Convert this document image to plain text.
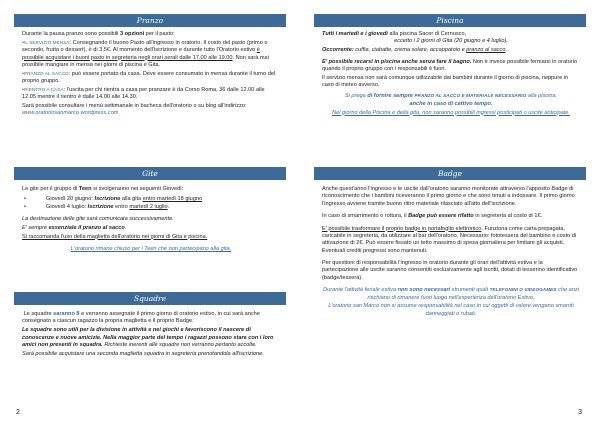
Pranzo

Durante la pausa pranzo sono possibili 3 opzioni per il pasto:

•IL SERVIZIO MENSA: Consegnando il buono Pasto all'ingresso in oratorio. Il costo del pasto (primo o secondo, frutta o dessert), è di 3,5€. Al momento dell'iscrizione e durante tutto l'Oratorio estivo è possibile acquistare i buoni pasto in segreteria negli orari serali dalle 17.00 alle 19.00. Non sarà mai possibile mangiare in mensa nei giorni di piscina e Gita.

•PRANZO AL SACCO: può essere portato da casa. Deve essere consumato in mensa durante il turno del proprio gruppo.

•RIENTRO A CASA: l'uscita per chi rientra a casa per pranzare è da Corso Roma, 36 dalle 12.00 alle 12.05 mentre il rientro è dalle 14.00 alle 14.30.

Sarà possibile consultare i menù settimanale in bacheca dell'oratorio o su blog all'indirizzo: www.oratoriosanmarco.wordpress.com

Gite

Le gite per il gruppo di Teen si svolgeranno nei seguenti Giovedì:

• Giovedì 20 giugno: Iscrizione alla gita entro martedì 18 giugno
• Giovedì 4 luglio: Iscrizione entro martedì 2 luglio.

La destinazione delle gite sarà comunicata successivamente.

E' sempre essenziale il pranzo al sacco.

Si raccomanda l'uso della maglietta dell'oratorio nei giorni di Gita e piscina.

L'oratorio rimane chiuso per i Teen che non partecipano alla gita.

Squadre

Le squadre saranno 8 e verranno assegnate il primo giorno di oratorio estivo, in cui sarà anche consegnato a ciascun ragazzo la propria maglietta e il proprio Badge.

Le squadre sono utili per la divisione in attività e nei giochi e favoriscono il nascere di conoscenze e nuove amicizie. Nella maggior parte del tempo i ragazzi possono stare con i loro amici non presenti in squadra. Richieste inerenti alle squadre non verranno pertanto accolte.

Sarà possibile acquistare una seconda maglietta squadra in segreteria prenotandola all'iscrizione.

2
Piscina

Tutti i martedì e i giovedì alla piscina Sacer di Cernusco,

eccetto i 2 giorni di Gita (20 giugno e 4 luglio).

Occorrente: cuffia, ciabatte, crema solare, accappatoio e pranzo al sacco.

E' possibile recarsi in piscina anche senza fare il bagno. Non è invece possibile fermarsi in oratorio quando il proprio gruppo con i responsabili è fuori.

Il servizio mensa non sarà comunque utilizzabile dai bambini durante il giorno di piscina, neppure in caso di meteo avverso.

Si prega di fornire sempre PRANZO AL SACCO E MATERIALE NECESSARIO alla piscina,

anche in caso di cattivo tempo.

Nel giorno della Piscina e della gita, non saranno possibili ingressi posticipati o uscite anticipate.

Badge

Anche quest'anno l'ingresso e le uscite dall'oratorio saranno monitorate attraverso l'apposito Badge di riconoscimento che i bambini riceveranno il primo giorno e che sono tenuti a indossare. Il primo giorno l'ingresso avviene tramite buono ritiro materiale rilasciato all'atto dell'iscrizione.

In caso di smarrimento o rottura, il Badge può essere rifatto in segreteria al costo di 1€.

E' possibile trasformare il proprio badge in portafoglio elettronico. Funziona come carta prepagata, caricabile in segreteria, da utilizzare al bar dell'oratorio. Necessario: fototessera del bambino e costo di attivazione di 2€. Può essere fissato un tetto massimo di spesa giornaliera per limitare gli acquisti. Eventuali crediti pregressi sono mantenuti.

Per questioni di responsabilità l'ingresso in oratorio durante gli orari dell'attività estiva e la partecipazione alle uscite saranno consentiti esclusivamente agli iscritti, dotati di tesserino identificativo (badge/tessera).

Durante l'attività feriale estiva non sono necessari strumenti quali TELEFONINI O VIDEOGAMES che anzi rischiano di rimanere fuori luogo nell'esperienza dell'oratorio Estivo.

L'oratorio san Marco non si assume responsabilità nel caso in cui oggetti di valore vengano smarriti danneggiati o rubati.

3
